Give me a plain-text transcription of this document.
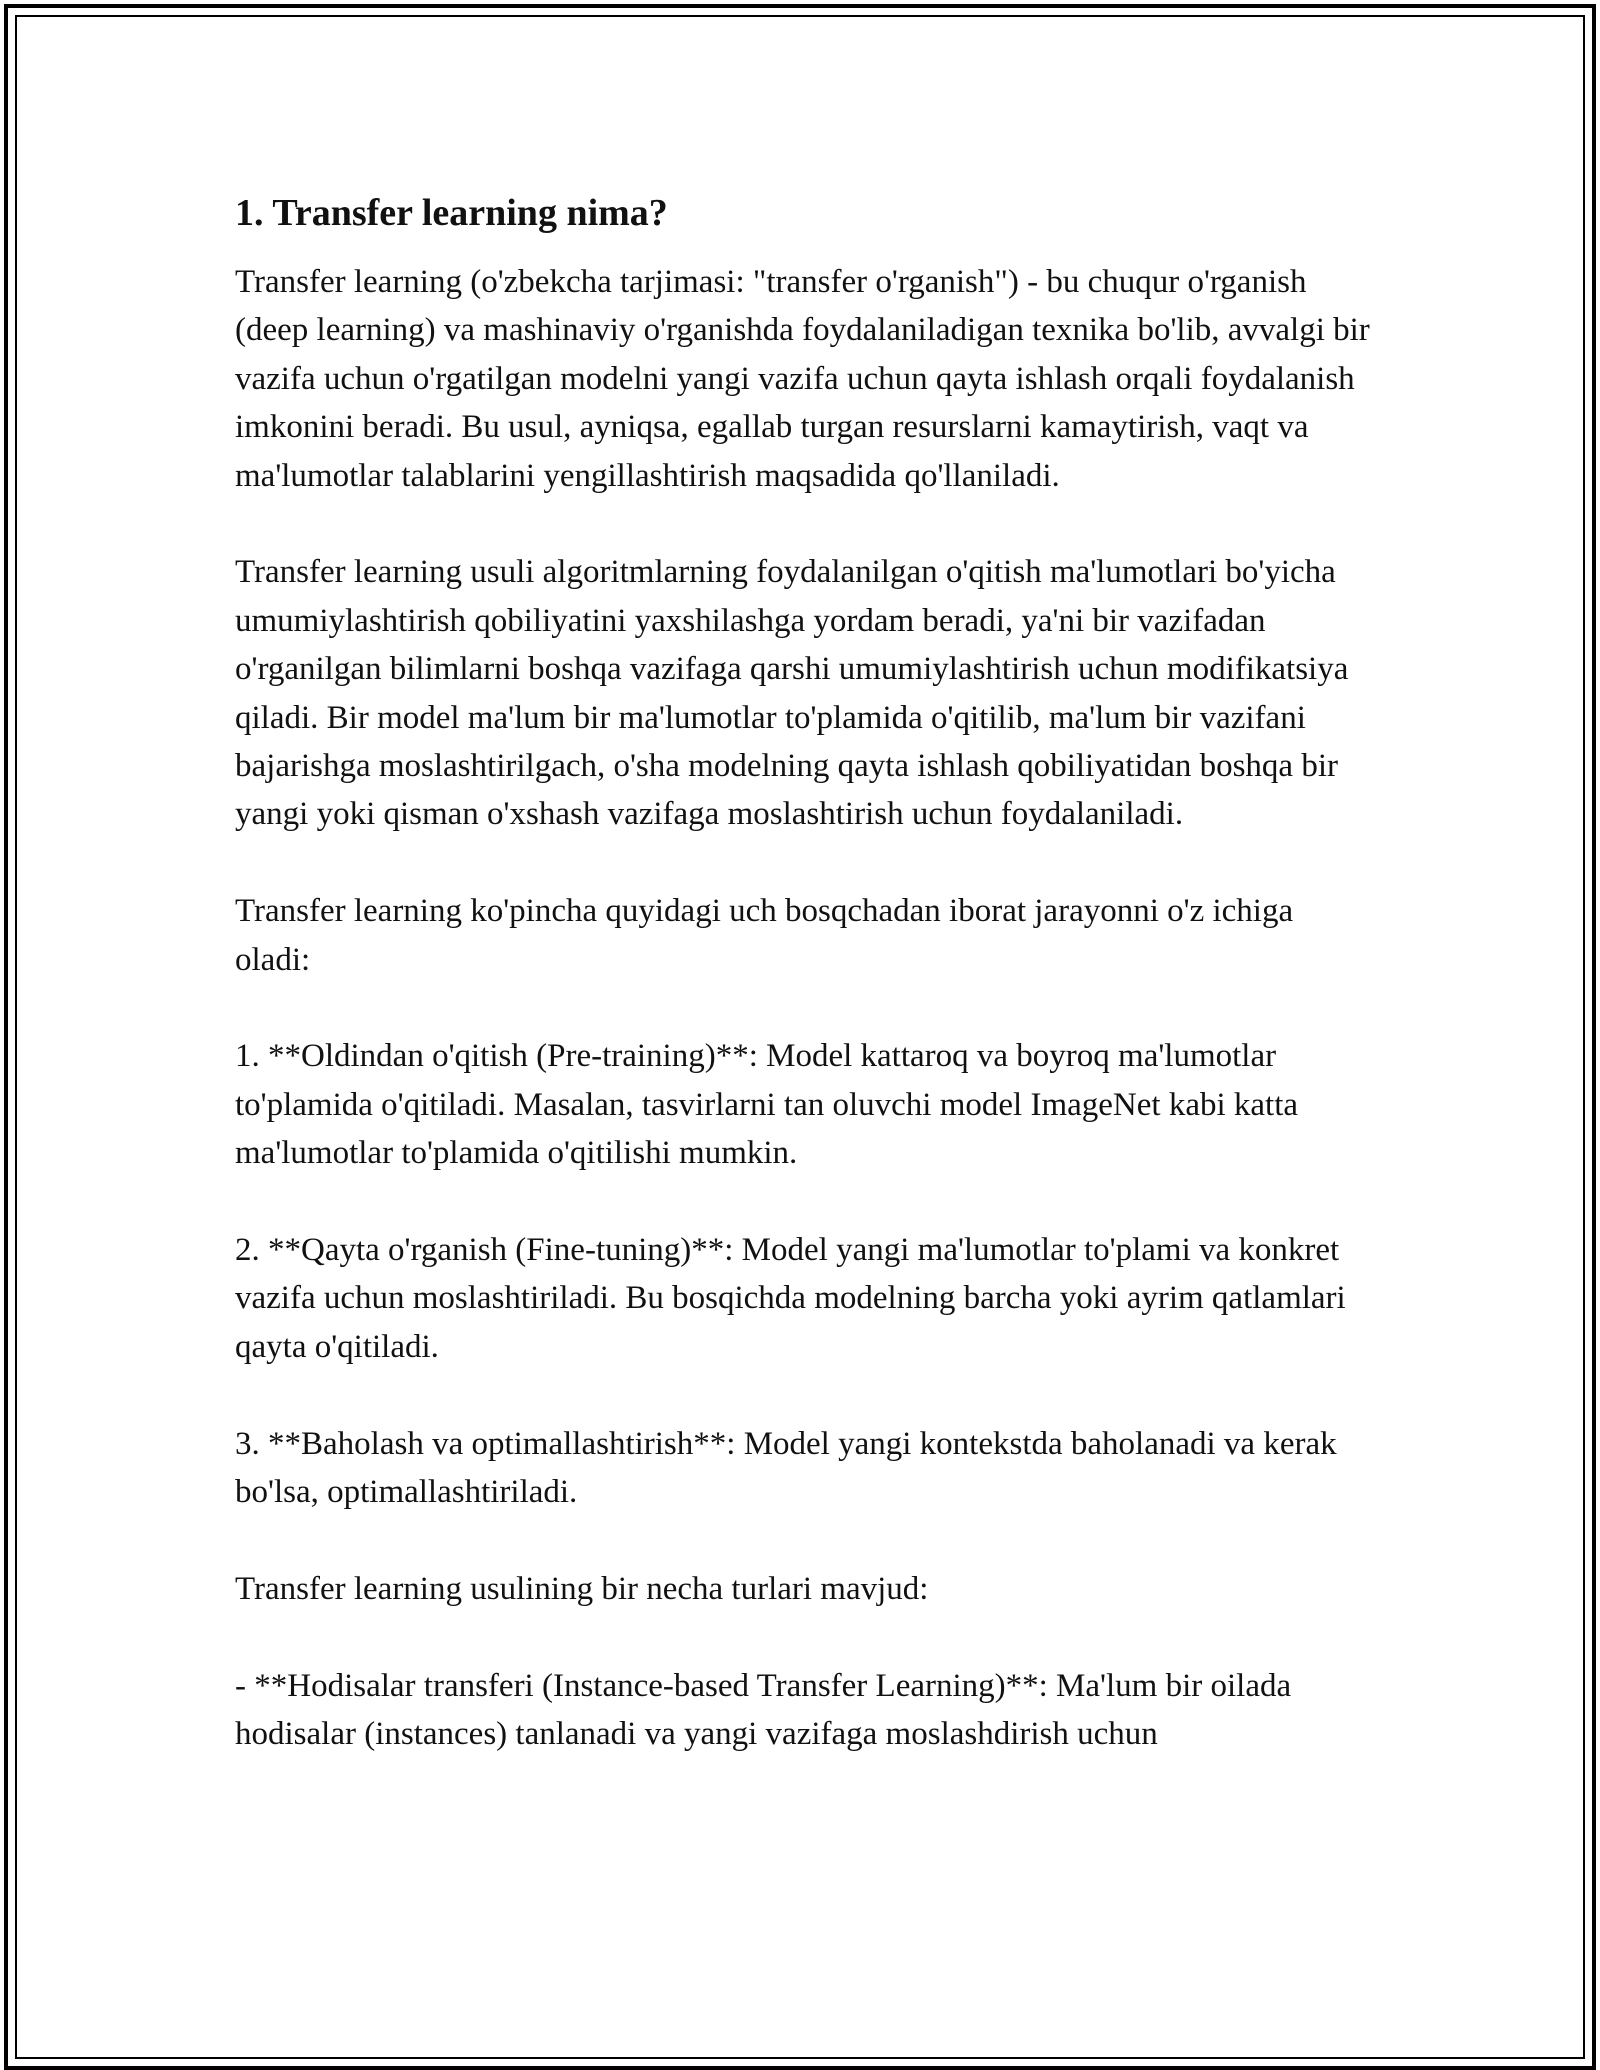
1. Transfer learning nima?

Transfer learning (o'zbekcha tarjimasi: "transfer o'rganish") - bu chuqur o'rganish (deep learning) va mashinaviy o'rganishda foydalaniladigan texnika bo'lib, avvalgi bir vazifa uchun o'rgatilgan modelni yangi vazifa uchun qayta ishlash orqali foydalanish imkonini beradi. Bu usul, ayniqsa, egallab turgan resurslarni kamaytirish, vaqt va ma'lumotlar talablarini yengillashtirish maqsadida qo'llaniladi.

Transfer learning usuli algoritmlarning foydalanilgan o'qitish ma'lumotlari bo'yicha umumiylashtirish qobiliyatini yaxshilashga yordam beradi, ya'ni bir vazifadan o'rganilgan bilimlarni boshqa vazifaga qarshi umumiylashtirish uchun modifikatsiya qiladi. Bir model ma'lum bir ma'lumotlar to'plamida o'qitilib, ma'lum bir vazifani bajarishga moslashtirilgach, o'sha modelning qayta ishlash qobiliyatidan boshqa bir yangi yoki qisman o'xshash vazifaga moslashtirish uchun foydalaniladi.

Transfer learning ko'pincha quyidagi uch bosqchadan iborat jarayonni o'z ichiga oladi:

1. **Oldindan o'qitish (Pre-training)**: Model kattaroq va boyroq ma'lumotlar to'plamida o'qitiladi. Masalan, tasvirlarni tan oluvchi model ImageNet kabi katta ma'lumotlar to'plamida o'qitilishi mumkin.

2. **Qayta o'rganish (Fine-tuning)**: Model yangi ma'lumotlar to'plami va konkret vazifa uchun moslashtiriladi. Bu bosqichda modelning barcha yoki ayrim qatlamlari qayta o'qitiladi.

3. **Baholash va optimallashtirish**: Model yangi kontekstda baholanadi va kerak bo'lsa, optimallashtiriladi.

Transfer learning usulining bir necha turlari mavjud:

- **Hodisalar transferi (Instance-based Transfer Learning)**: Ma'lum bir oilada hodisalar (instances) tanlanadi va yangi vazifaga moslashdirish uchun
